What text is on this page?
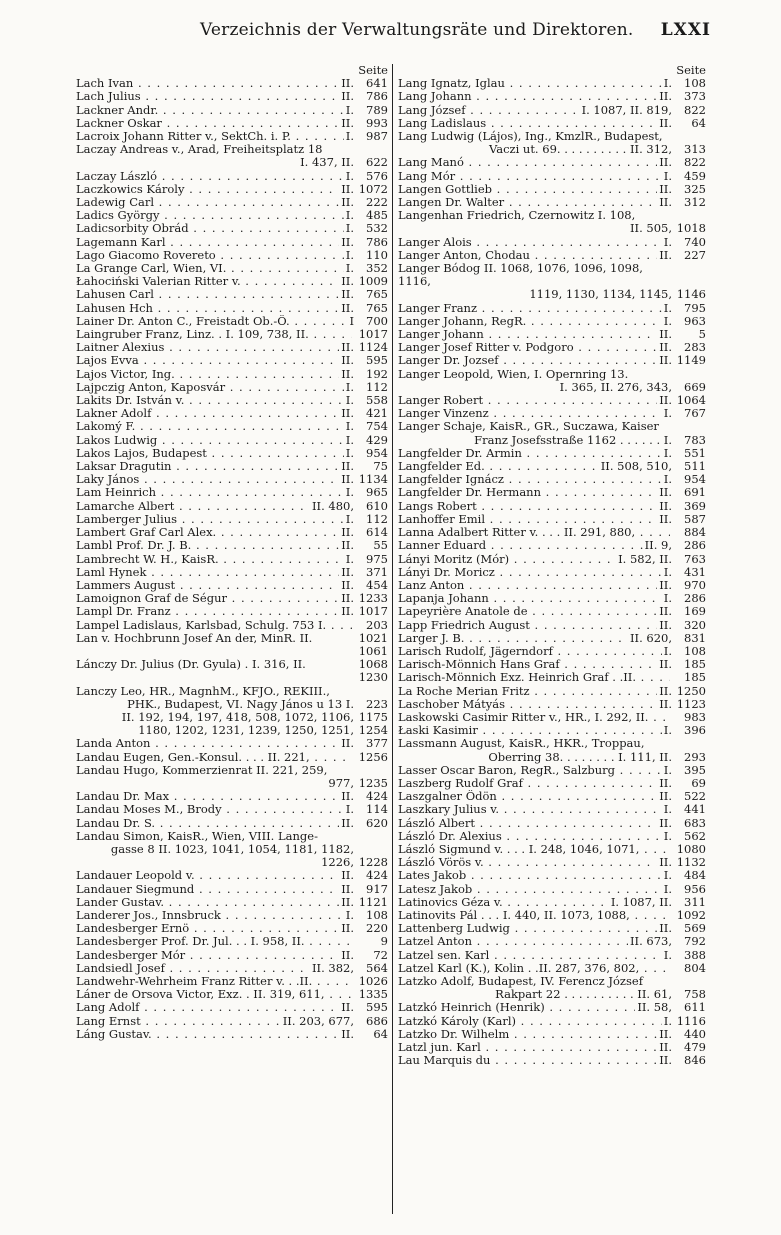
Verzeichnis der Verwaltungsräte und Direktoren. LXXI
Seite
Lach Ivan . . .	II.	641
Lach Julius . . .	II.	786
Lackner Andr. . . .	I.	789
Lackner Oskar . . .	II.	993
Lacroix Johann Ritter v., SektCh. i. P. . . .	I.	987
Laczay Andreas v., Arad, Freiheitsplatz 18
I. 437, II.	622
Laczay László . . .	I.	576
Laczkowics Károly . . .	II. 1072
Ladewig Carl . . .	II.	222
Ladics György . . .	I.	485
Ladicsorbity Obrád . . .	I.	532
Lagemann Karl . . .	II.	786
Lago Giacomo Rovereto . . .	I.	110
La Grange Carl, Wien, VI. . . .	I.	352
Łahociński Valerian Ritter v. . . .	II. 1009
Lahusen Carl . . .	II.	765
Lahusen Hch . . .	II.	765
Lainer Dr. Anton C., Freistadt Ob.-Ö. . . .	I	700
Laingruber Franz, Linz. . I. 109, 738, II. . . .	1017
Laitner Alexius . . .	II. 1124
Lajos Evva . . .	II.	595
Lajos Victor, Ing. . . .	II.	192
Lajpczig Anton, Kaposvár . . .	I.	112
Lakits Dr. István v. . . .	I.	558
Lakner Adolf . . .	II.	421
Lakomý F. . . .	I.	754
Lakos Ludwig . . .	I.	429
Lakos Lajos, Budapest . . .	I.	954
Laksar Dragutin . . .	II.	75
Laky János . . .	II. 1134
Lam Heinrich . . .	I.	965
Lamarche Albert . . .	II. 480,	610
Lamberger Julius . . .	I.	112
Lambert Graf Carl Alex. . . .	II.	614
Lambl Prof. Dr. J. B. . . .	II.	55
Lambrecht W. H., KaisR. . . .	I.	975
Laml Hynek . . .	II.	371
Lammers August . . .	II.	454
Lamoignon Graf de Ségur . . .	II. 1233
Lampl Dr. Franz . . .	II. 1017
Lampel Ladislaus, Karlsbad, Schulg. 753 I. . . .	203
Lan v. Hochbrunn Josef An der, MinR. II.	1021
1061
Lánczy Dr. Julius (Dr. Gyula) . I. 316, II.	1068
1230
Lanczy Leo, HR., MagnhM., KFJO., REKIII.,
PHK., Budapest, VI. Nagy János u 13 I.	223
II. 192, 194, 197, 418, 508, 1072, 1106, 1175
1180, 1202, 1231, 1239, 1250, 1251, 1254
Landa Anton . . .	II.	377
Landau Eugen, Gen.-Konsul. . . . II. 221, . . .	1256
Landau Hugo, Kommerzienrat II. 221, 259,
977, 1235
Landau Dr. Max . . .	II.	424
Landau Moses M., Brody . . .	I.	114
Landau Dr. S. . . .	II.	620
Landau Simon, KaisR., Wien, VIII. Lange-
gasse 8 II. 1023, 1041, 1054, 1181, 1182,
1226, 1228
Landauer Leopold v. . . .	II.	424
Landauer Siegmund . . .	II.	917
Lander Gustav. . . .	II. 1121
Landerer Jos., Innsbruck . . .	I.	108
Landesberger Ernö . . .	II.	220
Landesberger Prof. Dr. Jul. . . I. 958, II. . . .	9
Landesberger Mór . . .	II.	72
Landsiedl Josef . . .	II. 382,	564
Landwehr-Wehrheim Franz Ritter v. . .II. . . .	1026
Láner de Orsova Victor, Exz. . II. 319, 611, . . .	1335
Lang Adolf . . .	II.	595
Lang Ernst . . .	II. 203, 677,	686
Láng Gustav. . . .	II.	64
Seite
Lang Ignatz, Iglau . . .	I.	108
Lang Johann . . .	II.	373
Lang József . . .	I. 1087, II. 819,	822
Lang Ladislaus . . .	II.	64
Lang Ludwig (Lájos), Ing., KmzlR., Budapest,
Vaczi ut. 69. . . . . . . . . . II. 312,	313
Lang Manó . . .	II.	822
Lang Mór . . .	I.	459
Langen Gottlieb . . .	II.	325
Langen Dr. Walter . . .	II.	312
Langenhan Friedrich, Czernowitz I. 108,
II. 505, 1018
Langer Alois . . .	I.	740
Langer Anton, Chodau . . .	II.	227
Langer Bódog II. 1068, 1076, 1096, 1098, 1116,
1119, 1130, 1134, 1145, 1146
Langer Franz . . .	I.	795
Langer Johann, RegR. . . .	I.	963
Langer Johann . . .	II.	5
Langer Josef Ritter v. Podgoro . . .	II.	283
Langer Dr. Jozsef . . .	II. 1149
Langer Leopold, Wien, I. Opernring 13.
I. 365, II. 276, 343,	669
Langer Robert . . .	II. 1064
Langer Vinzenz . . .	I.	767
Langer Schaje, KaisR., GR., Suczawa, Kaiser
Franz Josefsstraße 1162 . . . . . . I.	783
Langfelder Dr. Armin . . .	I.	551
Langfelder Ed. . . .	II. 508, 510,	511
Langfelder Ignácz . . .	I.	954
Langfelder Dr. Hermann . . .	II.	691
Langs Robert . . .	II.	369
Lanhoffer Emil . . .	II.	587
Lanna Adalbert Ritter v. . . . II. 291, 880, . . .	884
Lanner Eduard . . .	II. 9,	286
Lányi Moritz (Mór) . . .	I. 582, II.	763
Lányi Dr. Moricz . . .	I.	431
Lanz Anton . . .	II.	970
Lapanja Johann . . .	I.	286
Lapeyrière Anatole de . . .	II.	169
Lapp Friedrich August . . .	II.	320
Larger J. B. . . .	II. 620,	831
Larisch Rudolf, Jägerndorf . . .	I.	108
Larisch-Mönnich Hans Graf . . .	II.	185
Larisch-Mönnich Exz. Heinrich Graf . .II. . . .	185
La Roche Merian Fritz . . .	II. 1250
Laschober Mátyás . . .	II. 1123
Laskowski Casimir Ritter v., HR., I. 292, II. . . .	983
Łaski Kasimir . . .	I.	396
Lassmann August, KaisR., HKR., Troppau,
Oberring 38. . . . . . . . I. 111, II.	293
Lasser Oscar Baron, RegR., Salzburg . . .	I.	395
Laszberg Rudolf Graf . . .	II.	69
Laszgalner Ödön . . .	II.	522
Laszkary Julius v. . . .	I.	441
László Albert . . .	II.	683
László Dr. Alexius . . .	I.	562
László Sigmund v. . . . I. 248, 1046, 1071, . . .	1080
László Vörös v. . . .	II. 1132
Lates Jakob . . .	I.	484
Latesz Jakob . . .	I.	956
Latinovics Géza v. . . .	I. 1087, II.	311
Latinovits Pál . . . I. 440, II. 1073, 1088, . . .	1092
Lattenberg Ludwig . . .	II.	569
Latzel Anton . . .	II. 673,	792
Latzel sen. Karl . . .	I.	388
Latzel Karl (K.), Kolin . .II. 287, 376, 802, . . .	804
Latzko Adolf, Budapest, IV. Ferencz József
Rakpart 22 . . . . . . . . . . II. 61,	758
Latzkó Heinrich (Henrik) . . .	II. 58,	611
Latzkó Károly (Karl) . . .	I. 1116
Latzko Dr. Wilhelm . . .	II.	440
Latzl jun. Karl . . .	II.	479
Lau Marquis du . . .	II.	846
